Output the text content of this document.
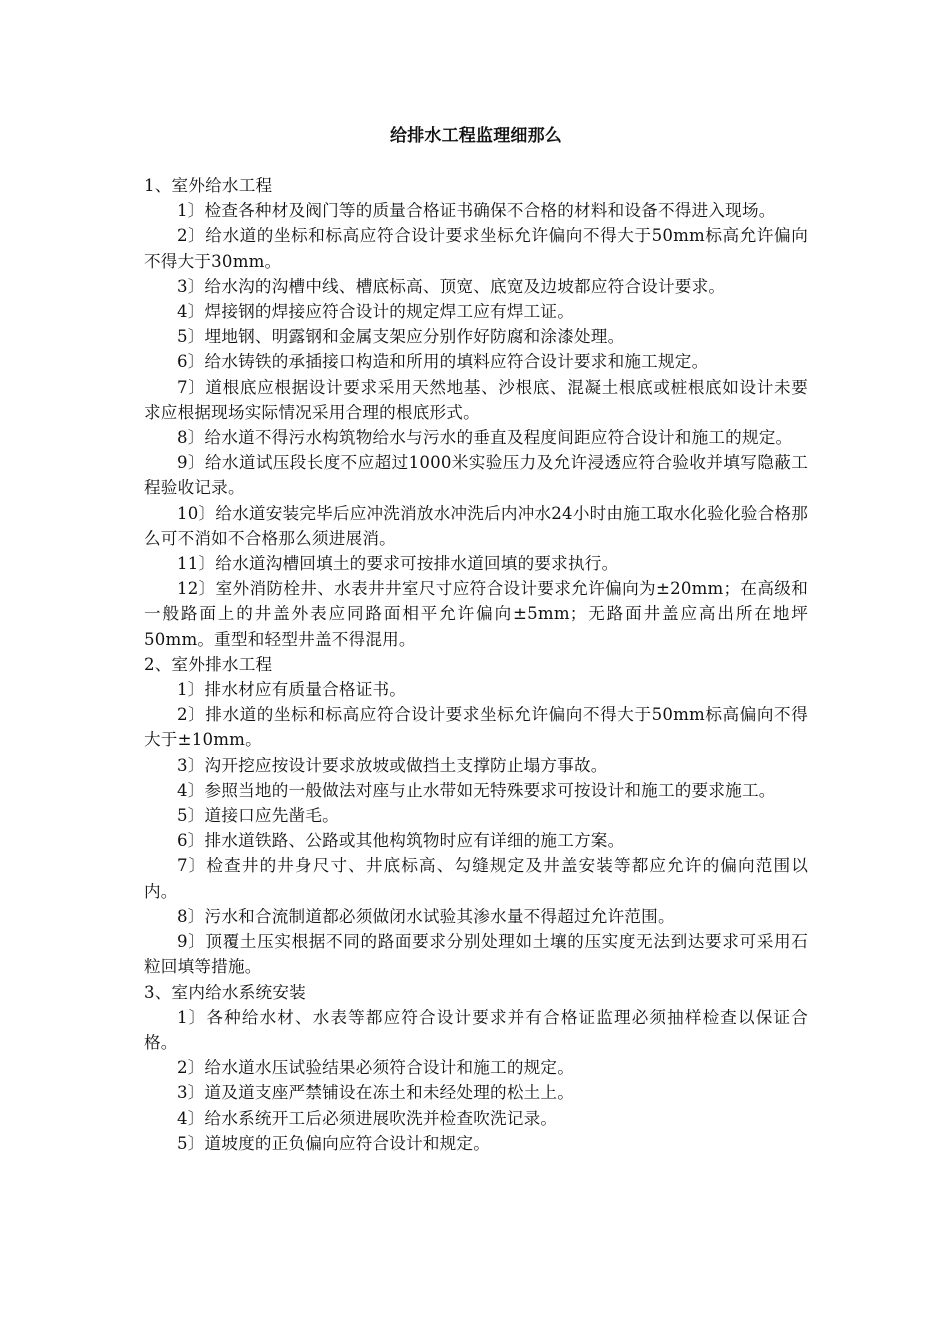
给排水工程监理细那么

1、室外给水工程

1〕检查各种材及阀门等的质量合格证书确保不合格的材料和设备不得进入现场。

2〕给水道的坐标和标高应符合设计要求坐标允许偏向不得大于50mm标高允许偏向不得大于30mm。

3〕给水沟的沟槽中线、槽底标高、顶宽、底宽及边坡都应符合设计要求。

4〕焊接钢的焊接应符合设计的规定焊工应有焊工证。

5〕埋地钢、明露钢和金属支架应分别作好防腐和涂漆处理。

6〕给水铸铁的承插接口构造和所用的填料应符合设计要求和施工规定。

7〕道根底应根据设计要求采用天然地基、沙根底、混凝土根底或桩根底如设计未要求应根据现场实际情况采用合理的根底形式。

8〕给水道不得污水构筑物给水与污水的垂直及程度间距应符合设计和施工的规定。

9〕给水道试压段长度不应超过1000米实验压力及允许浸透应符合验收并填写隐蔽工程验收记录。

10〕给水道安装完毕后应冲洗消放水冲洗后内冲水24小时由施工取水化验化验合格那么可不消如不合格那么须进展消。

11〕给水道沟槽回填土的要求可按排水道回填的要求执行。

12〕室外消防栓井、水表井井室尺寸应符合设计要求允许偏向为±20mm；在高级和一般路面上的井盖外表应同路面相平允许偏向±5mm；无路面井盖应高出所在地坪50mm。重型和轻型井盖不得混用。

2、室外排水工程

1〕排水材应有质量合格证书。

2〕排水道的坐标和标高应符合设计要求坐标允许偏向不得大于50mm标高偏向不得大于±10mm。

3〕沟开挖应按设计要求放坡或做挡土支撑防止塌方事故。

4〕参照当地的一般做法对座与止水带如无特殊要求可按设计和施工的要求施工。

5〕道接口应先凿毛。

6〕排水道铁路、公路或其他构筑物时应有详细的施工方案。

7〕检查井的井身尺寸、井底标高、勾缝规定及井盖安装等都应允许的偏向范围以内。

8〕污水和合流制道都必须做闭水试验其渗水量不得超过允许范围。

9〕顶覆土压实根据不同的路面要求分别处理如土壤的压实度无法到达要求可采用石粒回填等措施。

3、室内给水系统安装

1〕各种给水材、水表等都应符合设计要求并有合格证监理必须抽样检查以保证合格。

2〕给水道水压试验结果必须符合设计和施工的规定。

3〕道及道支座严禁铺设在冻土和未经处理的松土上。

4〕给水系统开工后必须进展吹洗并检查吹洗记录。

5〕道坡度的正负偏向应符合设计和规定。
